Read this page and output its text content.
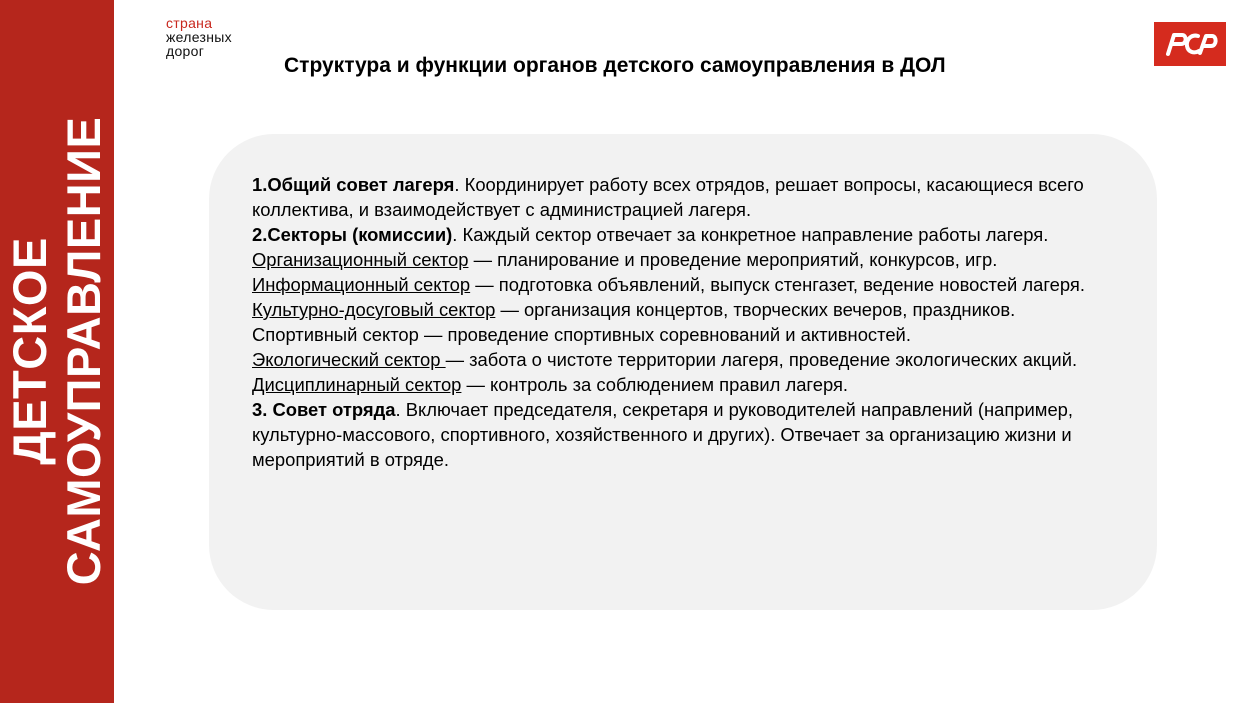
ДЕТСКОЕ САМОУПРАВЛЕНИЕ
страна
железных
дорог
Структура и функции органов детского самоуправления в ДОЛ

1.Общий совет лагеря. Координирует работу всех отрядов, решает вопросы, касающиеся всего коллектива, и взаимодействует с администрацией лагеря.

2.Секторы (комиссии). Каждый сектор отвечает за конкретное направление работы лагеря.

Организационный сектор — планирование и проведение мероприятий, конкурсов, игр.

Информационный сектор — подготовка объявлений, выпуск стенгазет, ведение новостей лагеря.

Культурно-досуговый сектор — организация концертов, творческих вечеров, праздников.

Спортивный сектор — проведение спортивных соревнований и активностей.

Экологический сектор — забота о чистоте территории лагеря, проведение экологических акций.

Дисциплинарный сектор — контроль за соблюдением правил лагеря.

3. Совет отряда. Включает председателя, секретаря и руководителей направлений (например, культурно-массового, спортивного, хозяйственного и других). Отвечает за организацию жизни и мероприятий в отряде.
